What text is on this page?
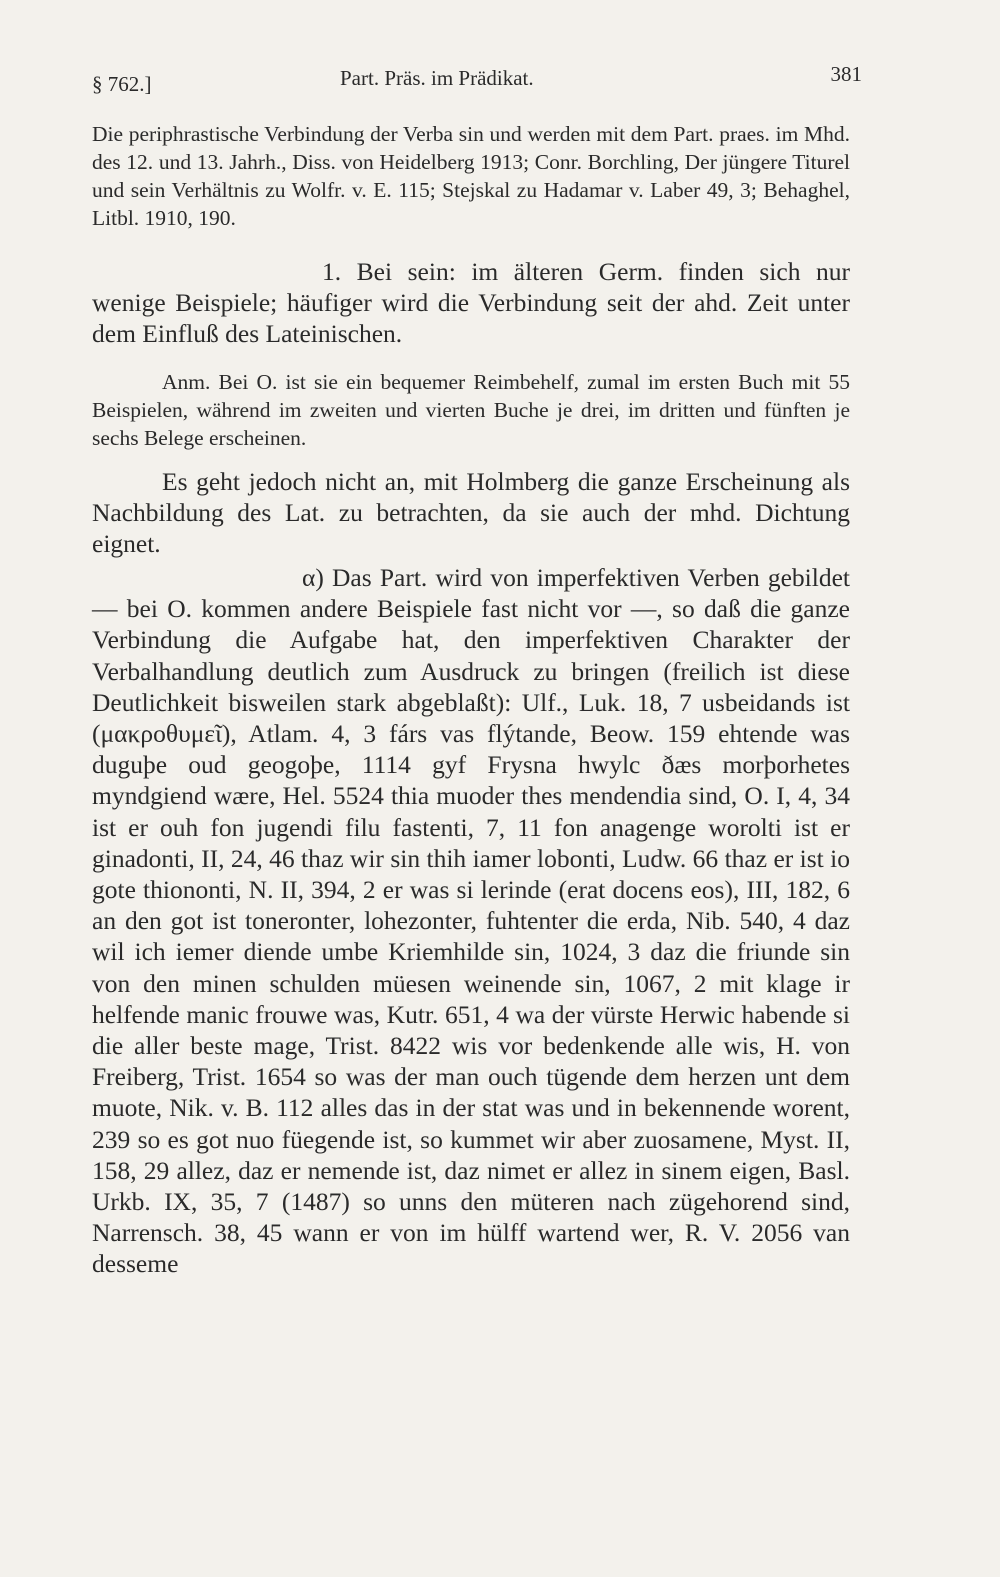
§ 762.]	Part. Präs. im Prädikat.	381

Die periphrastische Verbindung der Verba sin und werden mit dem Part. praes. im Mhd. des 12. und 13. Jahrh., Diss. von Heidelberg 1913; Conr. Borchling, Der jüngere Titurel und sein Verhältnis zu Wolfr. v. E. 115; Stejskal zu Hadamar v. Laber 49, 3; Behaghel, Litbl. 1910, 190.

1. Bei sein: im älteren Germ. finden sich nur wenige Beispiele; häufiger wird die Verbindung seit der ahd. Zeit unter dem Einfluß des Lateinischen.

Anm. Bei O. ist sie ein bequemer Reimbehelf, zumal im ersten Buch mit 55 Beispielen, während im zweiten und vierten Buche je drei, im dritten und fünften je sechs Belege erscheinen.

Es geht jedoch nicht an, mit Holmberg die ganze Erscheinung als Nachbildung des Lat. zu betrachten, da sie auch der mhd. Dichtung eignet.

α) Das Part. wird von imperfektiven Verben gebildet — bei O. kommen andere Beispiele fast nicht vor —, so daß die ganze Verbindung die Aufgabe hat, den imperfektiven Charakter der Verbalhandlung deutlich zum Ausdruck zu bringen (freilich ist diese Deutlichkeit bisweilen stark abgeblaßt): Ulf., Luk. 18, 7 usbeidands ist (μακροθυμεῖ), Atlam. 4, 3 fárs vas flýtande, Beow. 159 ehtende was duguþe oud geogoþe, 1114 gyf Frysna hwylc ðæs morþorhetes myndgiend wære, Hel. 5524 thia muoder thes mendendia sind, O. I, 4, 34 ist er ouh fon jugendi filu fastenti, 7, 11 fon anagenge worolti ist er ginadonti, II, 24, 46 thaz wir sin thih iamer lobonti, Ludw. 66 thaz er ist io gote thiononti, N. II, 394, 2 er was si lerinde (erat docens eos), III, 182, 6 an den got ist toneronter, lohezonter, fuhtenter die erda, Nib. 540, 4 daz wil ich iemer diende umbe Kriemhilde sin, 1024, 3 daz die friunde sin von den minen schulden müesen weinende sin, 1067, 2 mit klage ir helfende manic frouwe was, Kutr. 651, 4 wa der vürste Herwic habende si die aller beste mage, Trist. 8422 wis vor bedenkende alle wis, H. von Freiberg, Trist. 1654 so was der man ouch tügende dem herzen unt dem muote, Nik. v. B. 112 alles das in der stat was und in bekennende worent, 239 so es got nuo füegende ist, so kummet wir aber zuosamene, Myst. II, 158, 29 allez, daz er nemende ist, daz nimet er allez in sinem eigen, Basl. Urkb. IX, 35, 7 (1487) so unns den müteren nach zügehorend sind, Narrensch. 38, 45 wann er von im hülff wartend wer, R. V. 2056 van desseme
